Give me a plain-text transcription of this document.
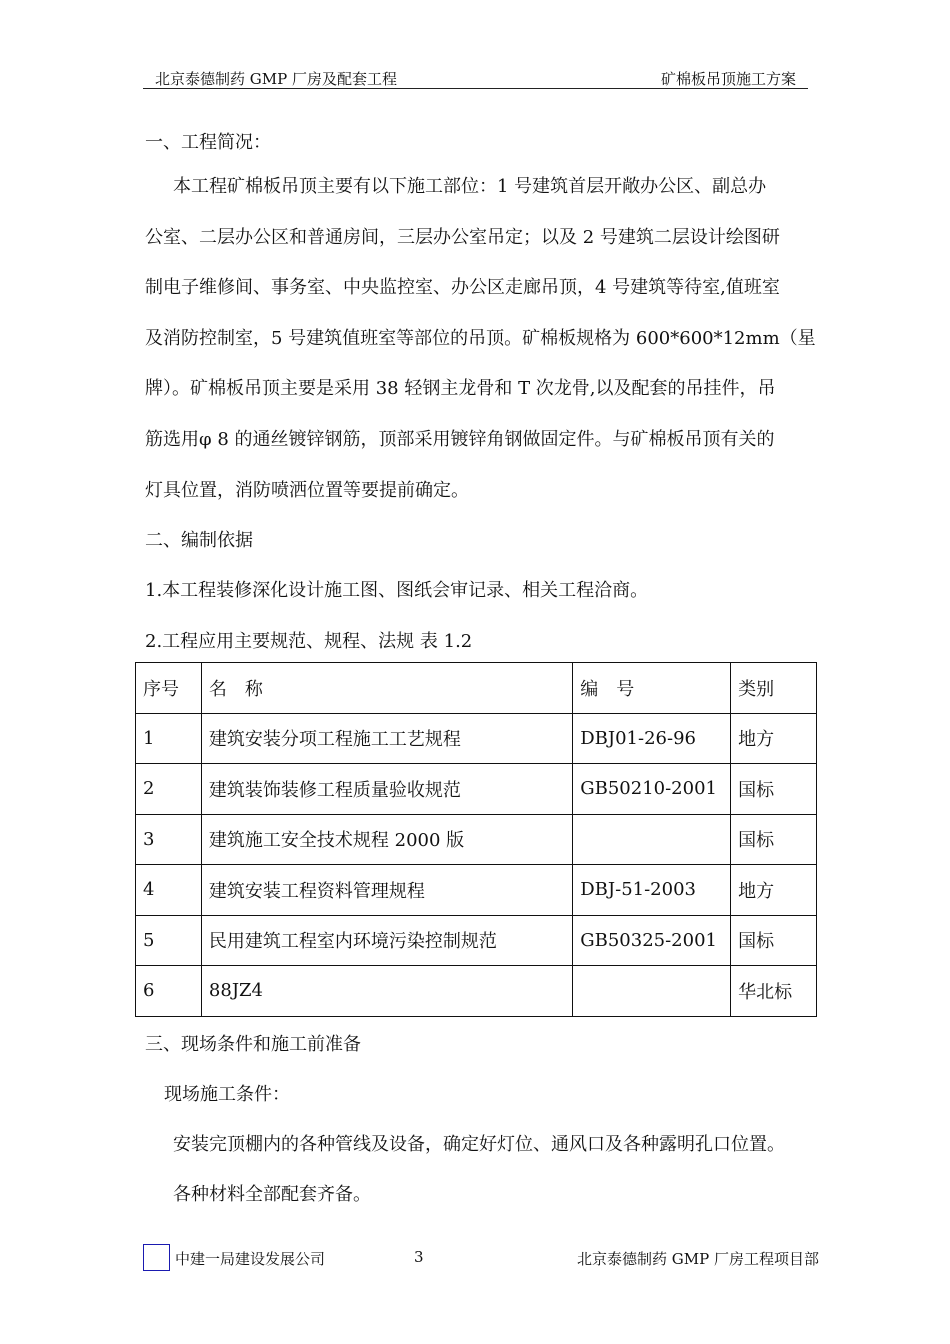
北京泰德制药 GMP 厂房及配套工程	矿棉板吊顶施工方案
一、工程简况：

本工程矿棉板吊顶主要有以下施工部位：1 号建筑首层开敞办公区、副总办

公室、二层办公区和普通房间，三层办公室吊定；以及 2 号建筑二层设计绘图研

制电子维修间、事务室、中央监控室、办公区走廊吊顶，4 号建筑等待室,值班室

及消防控制室，5 号建筑值班室等部位的吊顶。矿棉板规格为 600*600*12mm（星

牌）。矿棉板吊顶主要是采用 38 轻钢主龙骨和 T 次龙骨,以及配套的吊挂件，吊

筋选用φ 8 的通丝镀锌钢筋，顶部采用镀锌角钢做固定件。与矿棉板吊顶有关的

灯具位置，消防喷洒位置等要提前确定。

二、编制依据
1.本工程装修深化设计施工图、图纸会审记录、相关工程洽商。
2.工程应用主要规范、规程、法规 表 1.2
序号	名　称	编　号	类别
1	建筑安装分项工程施工工艺规程	DBJ01-26-96	地方
2	建筑装饰装修工程质量验收规范	GB50210-2001	国标
3	建筑施工安全技术规程 2000 版		国标
4	建筑安装工程资料管理规程	DBJ-51-2003	地方
5	民用建筑工程室内环境污染控制规范	GB50325-2001	国标
6	88JZ4		华北标
三、现场条件和施工前准备
现场施工条件：
安装完顶棚内的各种管线及设备，确定好灯位、通风口及各种露明孔口位置。
各种材料全部配套齐备。
中建一局建设发展公司	3	北京泰德制药 GMP 厂房工程项目部
